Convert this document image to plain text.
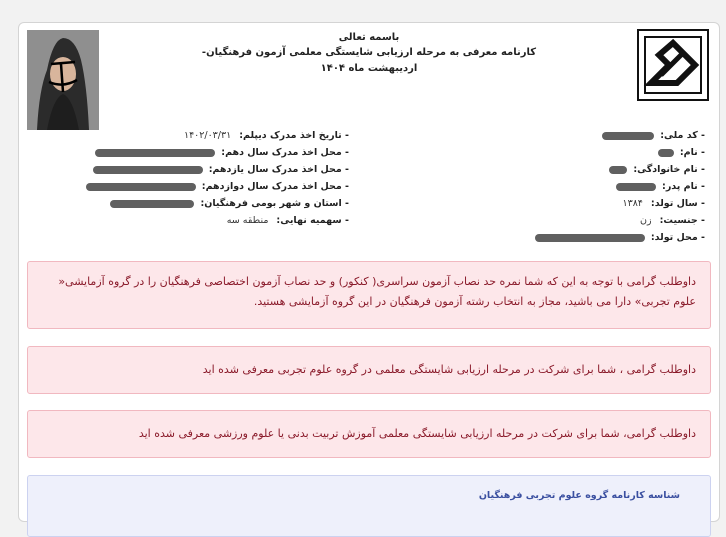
باسمه تعالی
کارنامه معرفی به مرحله ارزیابی شایستگی معلمی آزمون فرهنگیان- اردیبهشت ماه ۱۴۰۴
- کد ملی:
- نام:
- نام خانوادگی:
- نام پدر:
- سال تولد:۱۳۸۴
- جنسیت:زن
- محل تولد:
- تاریخ اخذ مدرک دیپلم:۱۴۰۲/۰۳/۳۱
- محل اخذ مدرک سال دهم:
- محل اخذ مدرک سال یازدهم:
- محل اخذ مدرک سال دوازدهم:
- استان و شهر بومی فرهنگیان:
- سهمیه نهایی:منطقه سه
داوطلب گرامی با توجه به این که شما نمره حد نصاب آزمون سراسری( کنکور) و حد نصاب آزمون اختصاصی فرهنگیان را در گروه آزمایشی« علوم تجربی» دارا می باشید، مجاز به انتخاب رشته آزمون فرهنگیان در این گروه آزمایشی هستید.
داوطلب گرامی ، شما برای شرکت در مرحله ارزیابی شایستگی معلمی در گروه علوم تجربی معرفی شده اید
داوطلب گرامی، شما برای شرکت در مرحله ارزیابی شایستگی معلمی آموزش تربیت بدنی یا علوم ورزشی معرفی شده اید
شناسه کارنامه گروه علوم تجربی فرهنگیان
